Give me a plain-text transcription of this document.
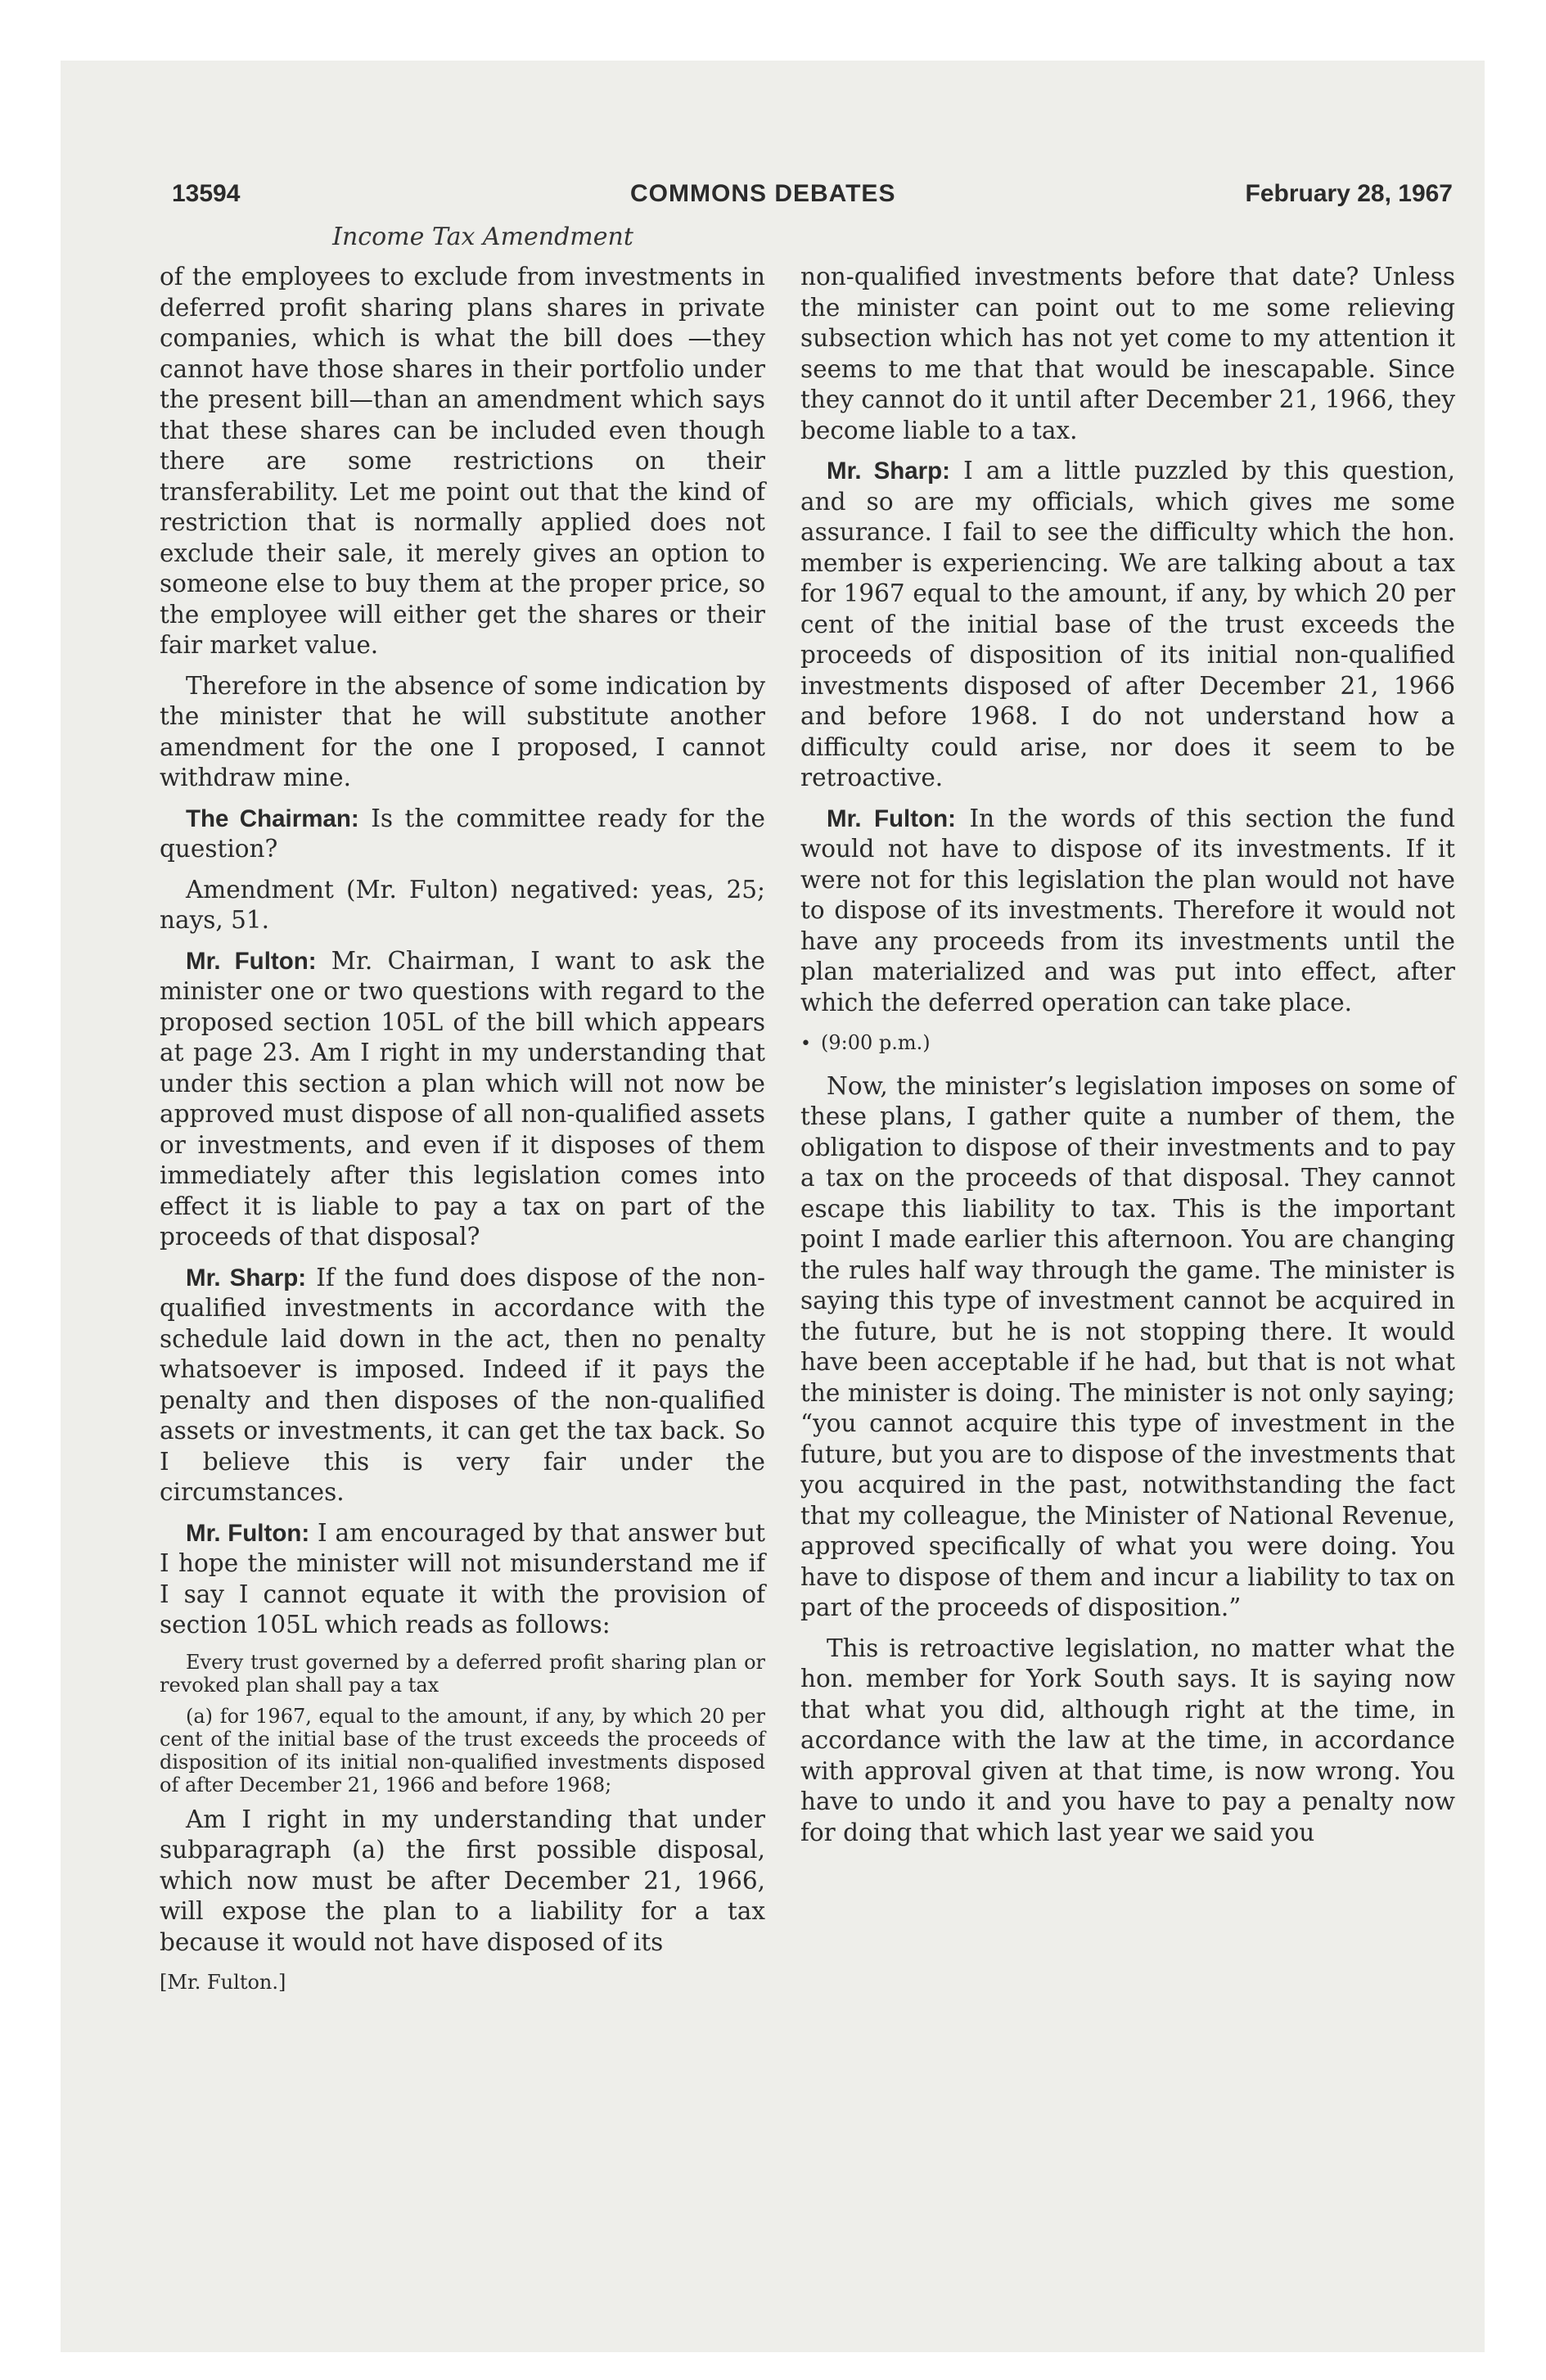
13594	COMMONS DEBATES	February 28, 1967
Income Tax Amendment

of the employees to exclude from investments in deferred profit sharing plans shares in private companies, which is what the bill does —they cannot have those shares in their portfolio under the present bill—than an amendment which says that these shares can be included even though there are some restrictions on their transferability. Let me point out that the kind of restriction that is normally applied does not exclude their sale, it merely gives an option to someone else to buy them at the proper price, so the employee will either get the shares or their fair market value.

Therefore in the absence of some indication by the minister that he will substitute another amendment for the one I proposed, I cannot withdraw mine.

The Chairman: Is the committee ready for the question?

Amendment (Mr. Fulton) negatived: yeas, 25; nays, 51.

Mr. Fulton: Mr. Chairman, I want to ask the minister one or two questions with regard to the proposed section 105L of the bill which appears at page 23. Am I right in my understanding that under this section a plan which will not now be approved must dispose of all non-qualified assets or investments, and even if it disposes of them immediately after this legislation comes into effect it is liable to pay a tax on part of the proceeds of that disposal?

Mr. Sharp: If the fund does dispose of the non-qualified investments in accordance with the schedule laid down in the act, then no penalty whatsoever is imposed. Indeed if it pays the penalty and then disposes of the non-qualified assets or investments, it can get the tax back. So I believe this is very fair under the circumstances.

Mr. Fulton: I am encouraged by that answer but I hope the minister will not misunderstand me if I say I cannot equate it with the provision of section 105L which reads as follows:

Every trust governed by a deferred profit sharing plan or revoked plan shall pay a tax

(a) for 1967, equal to the amount, if any, by which 20 per cent of the initial base of the trust exceeds the proceeds of disposition of its initial non-qualified investments disposed of after December 21, 1966 and before 1968;

Am I right in my understanding that under subparagraph (a) the first possible disposal, which now must be after December 21, 1966, will expose the plan to a liability for a tax because it would not have disposed of its

[Mr. Fulton.]

non-qualified investments before that date? Unless the minister can point out to me some relieving subsection which has not yet come to my attention it seems to me that that would be inescapable. Since they cannot do it until after December 21, 1966, they become liable to a tax.

Mr. Sharp: I am a little puzzled by this question, and so are my officials, which gives me some assurance. I fail to see the difficulty which the hon. member is experiencing. We are talking about a tax for 1967 equal to the amount, if any, by which 20 per cent of the initial base of the trust exceeds the proceeds of disposition of its initial non-qualified investments disposed of after December 21, 1966 and before 1968. I do not understand how a difficulty could arise, nor does it seem to be retroactive.

Mr. Fulton: In the words of this section the fund would not have to dispose of its investments. If it were not for this legislation the plan would not have to dispose of its investments. Therefore it would not have any proceeds from its investments until the plan materialized and was put into effect, after which the deferred operation can take place.

• (9:00 p.m.)

Now, the minister’s legislation imposes on some of these plans, I gather quite a number of them, the obligation to dispose of their investments and to pay a tax on the proceeds of that disposal. They cannot escape this liability to tax. This is the important point I made earlier this afternoon. You are changing the rules half way through the game. The minister is saying this type of investment cannot be acquired in the future, but he is not stopping there. It would have been acceptable if he had, but that is not what the minister is doing. The minister is not only saying; “you cannot acquire this type of investment in the future, but you are to dispose of the investments that you acquired in the past, notwithstanding the fact that my colleague, the Minister of National Revenue, approved specifically of what you were doing. You have to dispose of them and incur a liability to tax on part of the proceeds of disposition.”

This is retroactive legislation, no matter what the hon. member for York South says. It is saying now that what you did, although right at the time, in accordance with the law at the time, in accordance with approval given at that time, is now wrong. You have to undo it and you have to pay a penalty now for doing that which last year we said you
